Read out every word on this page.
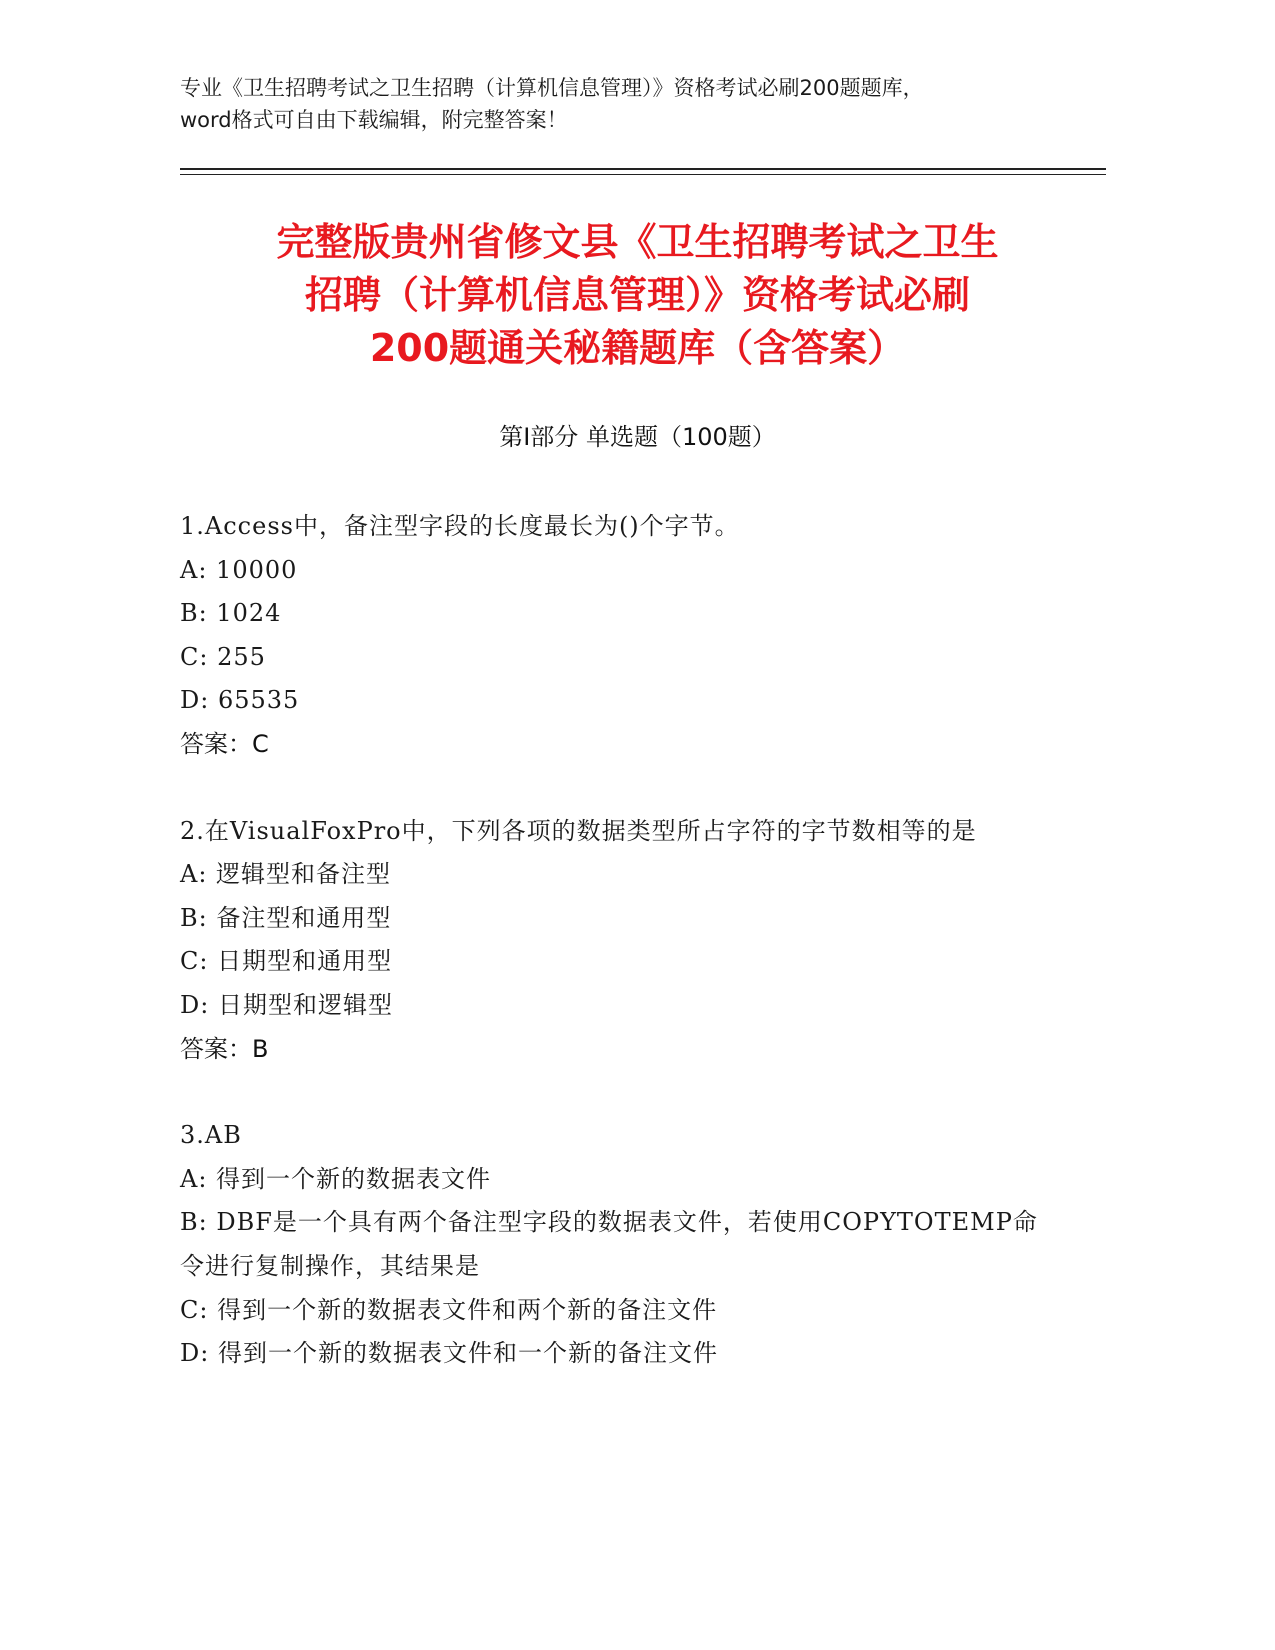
专业《卫生招聘考试之卫生招聘（计算机信息管理）》资格考试必刷200题题库，
word格式可自由下载编辑，附完整答案！
完整版贵州省修文县《卫生招聘考试之卫生
招聘（计算机信息管理）》资格考试必刷
200题通关秘籍题库（含答案）
第Ⅰ部分 单选题（100题）
1.Access中，备注型字段的长度最长为()个字节。
A: 10000
B: 1024
C: 255
D: 65535
答案：C
2.在VisualFoxPro中，下列各项的数据类型所占字符的字节数相等的是
A: 逻辑型和备注型
B: 备注型和通用型
C: 日期型和通用型
D: 日期型和逻辑型
答案：B
3.AB
A: 得到一个新的数据表文件
B: DBF是一个具有两个备注型字段的数据表文件，若使用COPYTOTEMP命令进行复制操作，其结果是
C: 得到一个新的数据表文件和两个新的备注文件
D: 得到一个新的数据表文件和一个新的备注文件
